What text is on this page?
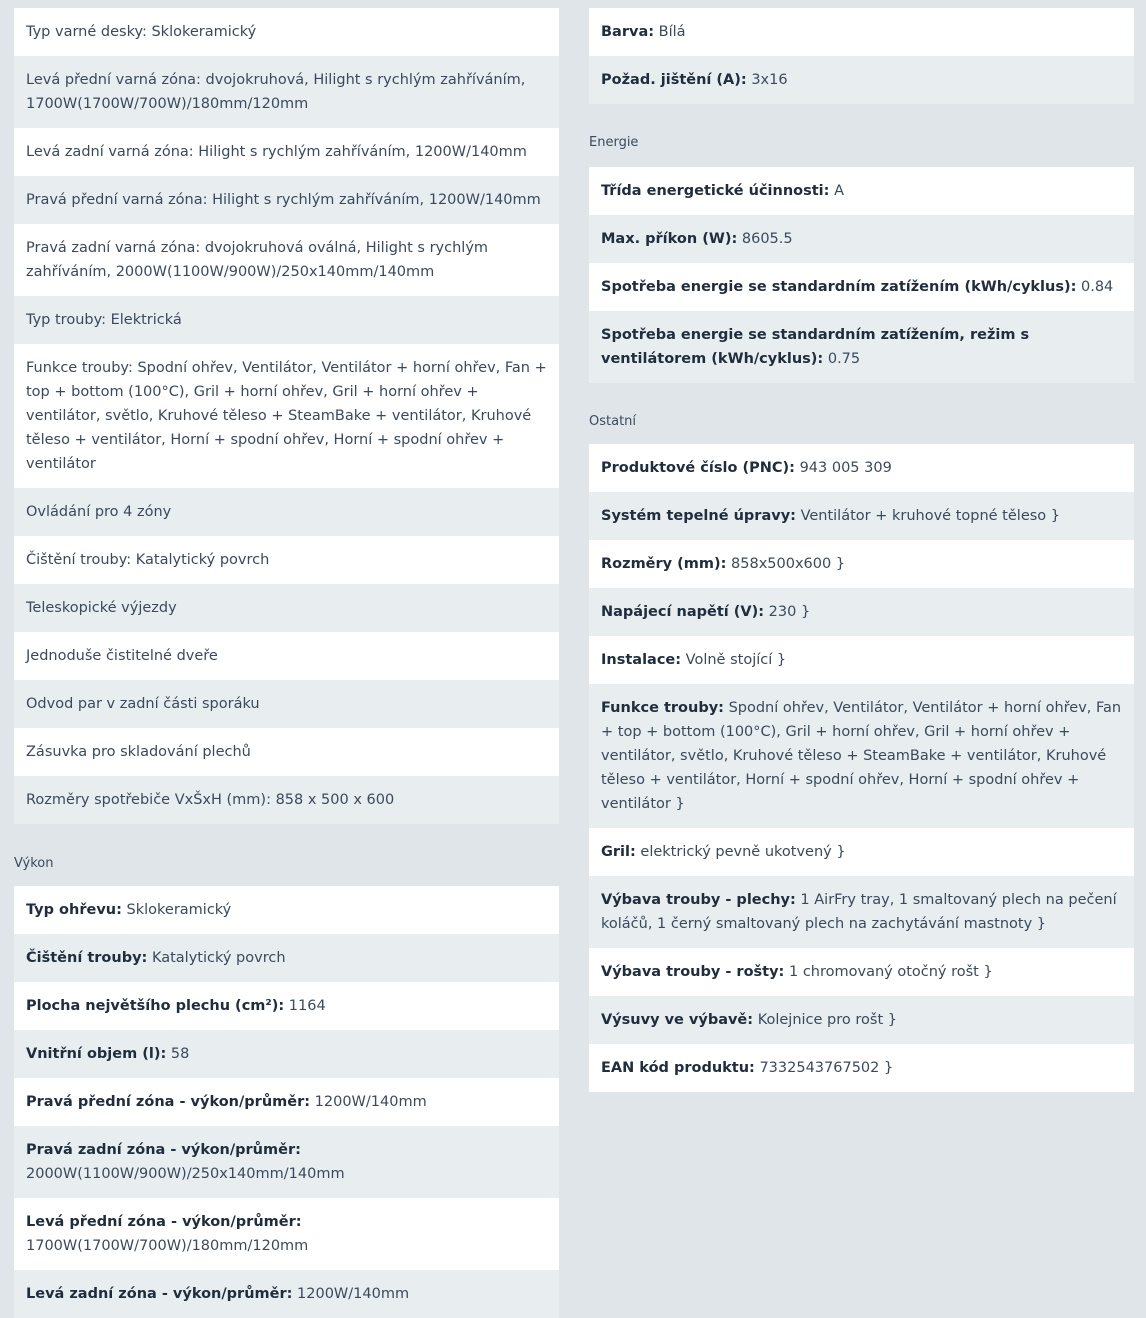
Typ varné desky: Sklokeramický
Levá přední varná zóna: dvojokruhová, Hilight s rychlým zahříváním, 1700W(1700W/700W)/180mm/120mm
Levá zadní varná zóna: Hilight s rychlým zahříváním, 1200W/140mm
Pravá přední varná zóna: Hilight s rychlým zahříváním, 1200W/140mm
Pravá zadní varná zóna: dvojokruhová oválná, Hilight s rychlým zahříváním, 2000W(1100W/900W)/250x140mm/140mm
Typ trouby: Elektrická
Funkce trouby: Spodní ohřev, Ventilátor, Ventilátor + horní ohřev, Fan + top + bottom (100°C), Gril + horní ohřev, Gril + horní ohřev + ventilátor, světlo, Kruhové těleso + SteamBake + ventilátor, Kruhové těleso + ventilátor, Horní + spodní ohřev, Horní + spodní ohřev + ventilátor
Ovládání pro 4 zóny
Čištění trouby: Katalytický povrch
Teleskopické výjezdy
Jednoduše čistitelné dveře
Odvod par v zadní části sporáku
Zásuvka pro skladování plechů
Rozměry spotřebiče VxŠxH (mm): 858 x 500 x 600
Výkon
Typ ohřevu: Sklokeramický
Čištění trouby: Katalytický povrch
Plocha největšího plechu (cm²): 1164
Vnitřní objem (l): 58
Pravá přední zóna - výkon/průměr: 1200W/140mm
Pravá zadní zóna - výkon/průměr:
2000W(1100W/900W)/250x140mm/140mm
Levá přední zóna - výkon/průměr:
1700W(1700W/700W)/180mm/120mm
Levá zadní zóna - výkon/průměr: 1200W/140mm
Barva: Bílá
Požad. jištění (A): 3x16
Energie
Třída energetické účinnosti: A
Max. příkon (W): 8605.5
Spotřeba energie se standardním zatížením (kWh/cyklus): 0.84
Spotřeba energie se standardním zatížením, režim s ventilátorem (kWh/cyklus): 0.75
Ostatní
Produktové číslo (PNC): 943 005 309
Systém tepelné úpravy: Ventilátor + kruhové topné těleso }
Rozměry (mm): 858x500x600 }
Napájecí napětí (V): 230 }
Instalace: Volně stojící }
Funkce trouby: Spodní ohřev, Ventilátor, Ventilátor + horní ohřev, Fan + top + bottom (100°C), Gril + horní ohřev, Gril + horní ohřev + ventilátor, světlo, Kruhové těleso + SteamBake + ventilátor, Kruhové těleso + ventilátor, Horní + spodní ohřev, Horní + spodní ohřev + ventilátor }
Gril: elektrický pevně ukotvený }
Výbava trouby - plechy: 1 AirFry tray, 1 smaltovaný plech na pečení koláčů, 1 černý smaltovaný plech na zachytávání mastnoty }
Výbava trouby - rošty: 1 chromovaný otočný rošt }
Výsuvy ve výbavě: Kolejnice pro rošt }
EAN kód produktu: 7332543767502 }
